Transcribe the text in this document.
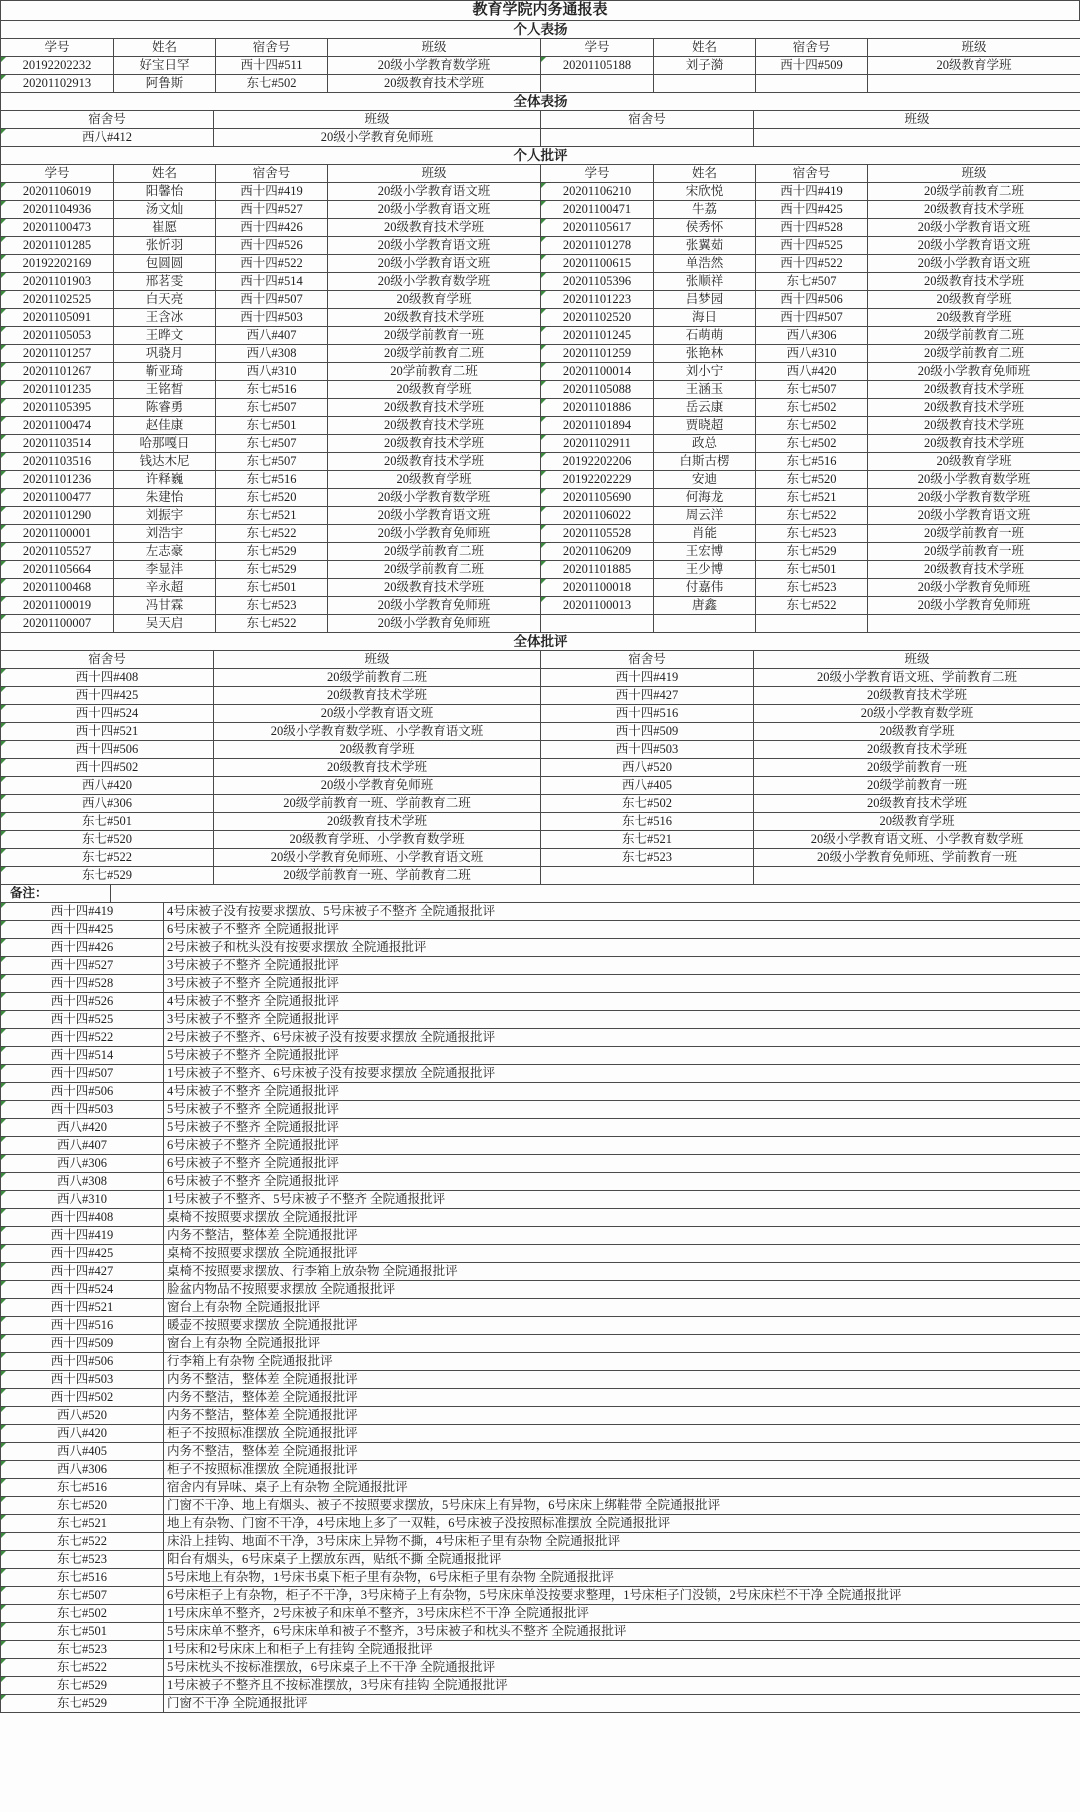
教育学院内务通报表
个人表扬							
学号	姓名	宿舍号	班级	学号	姓名	宿舍号	班级
20192202232	好宝日罕	西十四#511	20级小学教育数学班	20201105188	刘子漪	西十四#509	20级教育学班
20201102913	阿鲁斯	东七#502	20级教育技术学班				
全体表扬			
宿舍号	班级	宿舍号	班级
西八#412	20级小学教育免师班		
个人批评							
学号	姓名	宿舍号	班级	学号	姓名	宿舍号	班级
20201106019	阳馨怡	西十四#419	20级小学教育语文班	20201106210	宋欣悦	西十四#419	20级学前教育二班
20201104936	汤文灿	西十四#527	20级小学教育语文班	20201100471	牛荔	西十四#425	20级教育技术学班
20201100473	崔愿	西十四#426	20级教育技术学班	20201105617	侯秀怀	西十四#528	20级小学教育语文班
20201101285	张忻羽	西十四#526	20级小学教育语文班	20201101278	张翼茹	西十四#525	20级小学教育语文班
20192202169	包圆圆	西十四#522	20级小学教育语文班	20201100615	单浩然	西十四#522	20级小学教育语文班
20201101903	邢茗雯	西十四#514	20级小学教育数学班	20201105396	张顺祥	东七#507	20级教育技术学班
20201102525	白天亮	西十四#507	20级教育学班	20201101223	吕梦园	西十四#506	20级教育学班
20201105091	王含冰	西十四#503	20级教育技术学班	20201102520	海日	西十四#507	20级教育学班
20201105053	王晔文	西八#407	20级学前教育一班	20201101245	石萌萌	西八#306	20级学前教育二班
20201101257	巩骁月	西八#308	20级学前教育二班	20201101259	张艳林	西八#310	20级学前教育二班
20201101267	靳亚琦	西八#310	20学前教育二班	20201100014	刘小宁	西八#420	20级小学教育免师班
20201101235	王铭皙	东七#516	20级教育学班	20201105088	王涵玉	东七#507	20级教育技术学班
20201105395	陈睿勇	东七#507	20级教育技术学班	20201101886	岳云康	东七#502	20级教育技术学班
20201100474	赵佳康	东七#501	20级教育技术学班	20201101894	贾晓超	东七#502	20级教育技术学班
20201103514	哈那嘎日	东七#507	20级教育技术学班	20201102911	政总	东七#502	20级教育技术学班
20201103516	钱达木尼	东七#507	20级教育技术学班	20192202206	白斯古楞	东七#516	20级教育学班
20201101236	许释巍	东七#516	20级教育学班	20192202229	安迪	东七#520	20级小学教育数学班
20201100477	朱建怡	东七#520	20级小学教育数学班	20201105690	何海龙	东七#521	20级小学教育数学班
20201101290	刘振宇	东七#521	20级小学教育语文班	20201106022	周云洋	东七#522	20级小学教育语文班
20201100001	刘浩宇	东七#522	20级小学教育免师班	20201105528	肖能	东七#523	20级学前教育一班
20201105527	左志豪	东七#529	20级学前教育二班	20201106209	王宏博	东七#529	20级学前教育一班
20201105664	李显沣	东七#529	20级学前教育二班	20201101885	王少博	东七#501	20级教育技术学班
20201100468	辛永超	东七#501	20级教育技术学班	20201100018	付嘉伟	东七#523	20级小学教育免师班
20201100019	冯甘霖	东七#523	20级小学教育免师班	20201100013	唐鑫	东七#522	20级小学教育免师班
20201100007	吴天启	东七#522	20级小学教育免师班				
全体批评			
宿舍号	班级	宿舍号	班级
西十四#408	20级学前教育二班	西十四#419	20级小学教育语文班、学前教育二班
西十四#425	20级教育技术学班	西十四#427	20级教育技术学班
西十四#524	20级小学教育语文班	西十四#516	20级小学教育数学班
西十四#521	20级小学教育数学班、小学教育语文班	西十四#509	20级教育学班
西十四#506	20级教育学班	西十四#503	20级教育技术学班
西十四#502	20级教育技术学班	西八#520	20级学前教育一班
西八#420	20级小学教育免师班	西八#405	20级学前教育一班
西八#306	20级学前教育一班、学前教育二班	东七#502	20级教育技术学班
东七#501	20级教育技术学班	东七#516	20级教育学班
东七#520	20级教育学班、小学教育数学班	东七#521	20级小学教育语文班、小学教育数学班
东七#522	20级小学教育免师班、小学教育语文班	东七#523	20级小学教育免师班、学前教育一班
东七#529	20级学前教育一班、学前教育二班		
备注：	
西十四#419	4号床被子没有按要求摆放、5号床被子不整齐 全院通报批评
西十四#425	6号床被子不整齐 全院通报批评
西十四#426	2号床被子和枕头没有按要求摆放 全院通报批评
西十四#527	3号床被子不整齐 全院通报批评
西十四#528	3号床被子不整齐 全院通报批评
西十四#526	4号床被子不整齐 全院通报批评
西十四#525	3号床被子不整齐 全院通报批评
西十四#522	2号床被子不整齐、6号床被子没有按要求摆放 全院通报批评
西十四#514	5号床被子不整齐 全院通报批评
西十四#507	1号床被子不整齐、6号床被子没有按要求摆放 全院通报批评
西十四#506	4号床被子不整齐 全院通报批评
西十四#503	5号床被子不整齐 全院通报批评
西八#420	5号床被子不整齐 全院通报批评
西八#407	6号床被子不整齐 全院通报批评
西八#306	6号床被子不整齐 全院通报批评
西八#308	6号床被子不整齐 全院通报批评
西八#310	1号床被子不整齐、5号床被子不整齐 全院通报批评
西十四#408	桌椅不按照要求摆放 全院通报批评
西十四#419	内务不整洁，整体差 全院通报批评
西十四#425	桌椅不按照要求摆放 全院通报批评
西十四#427	桌椅不按照要求摆放、行李箱上放杂物 全院通报批评
西十四#524	脸盆内物品不按照要求摆放 全院通报批评
西十四#521	窗台上有杂物 全院通报批评
西十四#516	暖壶不按照要求摆放 全院通报批评
西十四#509	窗台上有杂物 全院通报批评
西十四#506	行李箱上有杂物 全院通报批评
西十四#503	内务不整洁，整体差 全院通报批评
西十四#502	内务不整洁，整体差 全院通报批评
西八#520	内务不整洁，整体差 全院通报批评
西八#420	柜子不按照标准摆放 全院通报批评
西八#405	内务不整洁，整体差 全院通报批评
西八#306	柜子不按照标准摆放 全院通报批评
东七#516	宿舍内有异味、桌子上有杂物 全院通报批评
东七#520	门窗不干净、地上有烟头、被子不按照要求摆放，5号床床上有异物，6号床床上绑鞋带 全院通报批评
东七#521	地上有杂物、门窗不干净，4号床地上多了一双鞋，6号床被子没按照标准摆放 全院通报批评
东七#522	床沿上挂钩、地面不干净，3号床床上异物不撕，4号床柜子里有杂物 全院通报批评
东七#523	阳台有烟头，6号床桌子上摆放东西，贴纸不撕 全院通报批评
东七#516	5号床地上有杂物，1号床书桌下柜子里有杂物，6号床柜子里有杂物 全院通报批评
东七#507	6号床柜子上有杂物，柜子不干净，3号床椅子上有杂物，5号床床单没按要求整理，1号床柜子门没锁，2号床床栏不干净 全院通报批评
东七#502	1号床床单不整齐，2号床被子和床单不整齐，3号床床栏不干净 全院通报批评
东七#501	5号床床单不整齐，6号床床单和被子不整齐，3号床被子和枕头不整齐 全院通报批评
东七#523	1号床和2号床床上和柜子上有挂钩 全院通报批评
东七#522	5号床枕头不按标准摆放，6号床桌子上不干净 全院通报批评
东七#529	1号床被子不整齐且不按标准摆放，3号床有挂钩 全院通报批评
东七#529	门窗不干净 全院通报批评
